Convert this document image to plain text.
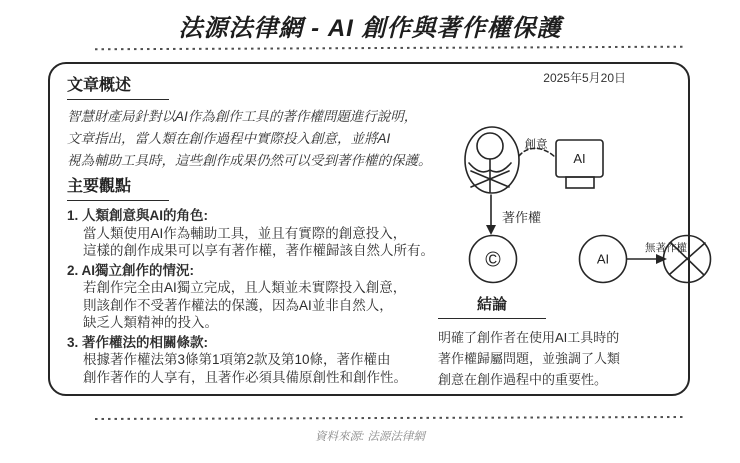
法源法律網 - AI 創作與著作權保護
2025年5月20日
文章概述
智慧財產局針對以AI作為創作工具的著作權問題進行說明，
文章指出，當人類在創作過程中實際投入創意，並將AI
視為輔助工具時，這些創作成果仍然可以受到著作權的保護。
主要觀點
1. 人類創意與AI的角色:
當人類使用AI作為輔助工具，並且有實際的創意投入，
這樣的創作成果可以享有著作權，著作權歸該自然人所有。
2. AI獨立創作的情況:
若創作完全由AI獨立完成，且人類並未實際投入創意，
則該創作不受著作權法的保護，因為AI並非自然人，
缺乏人類精神的投入。
3. 著作權法的相關條款:
根據著作權法第3條第1項第2款及第10條，著作權由
創作著作的人享有，且著作必須具備原創性和創作性。
創意
AI
著作權
©	AI
無著作權
結論
明確了創作者在使用AI工具時的
著作權歸屬問題，並強調了人類
創意在創作過程中的重要性。
資料來源: 法源法律網
